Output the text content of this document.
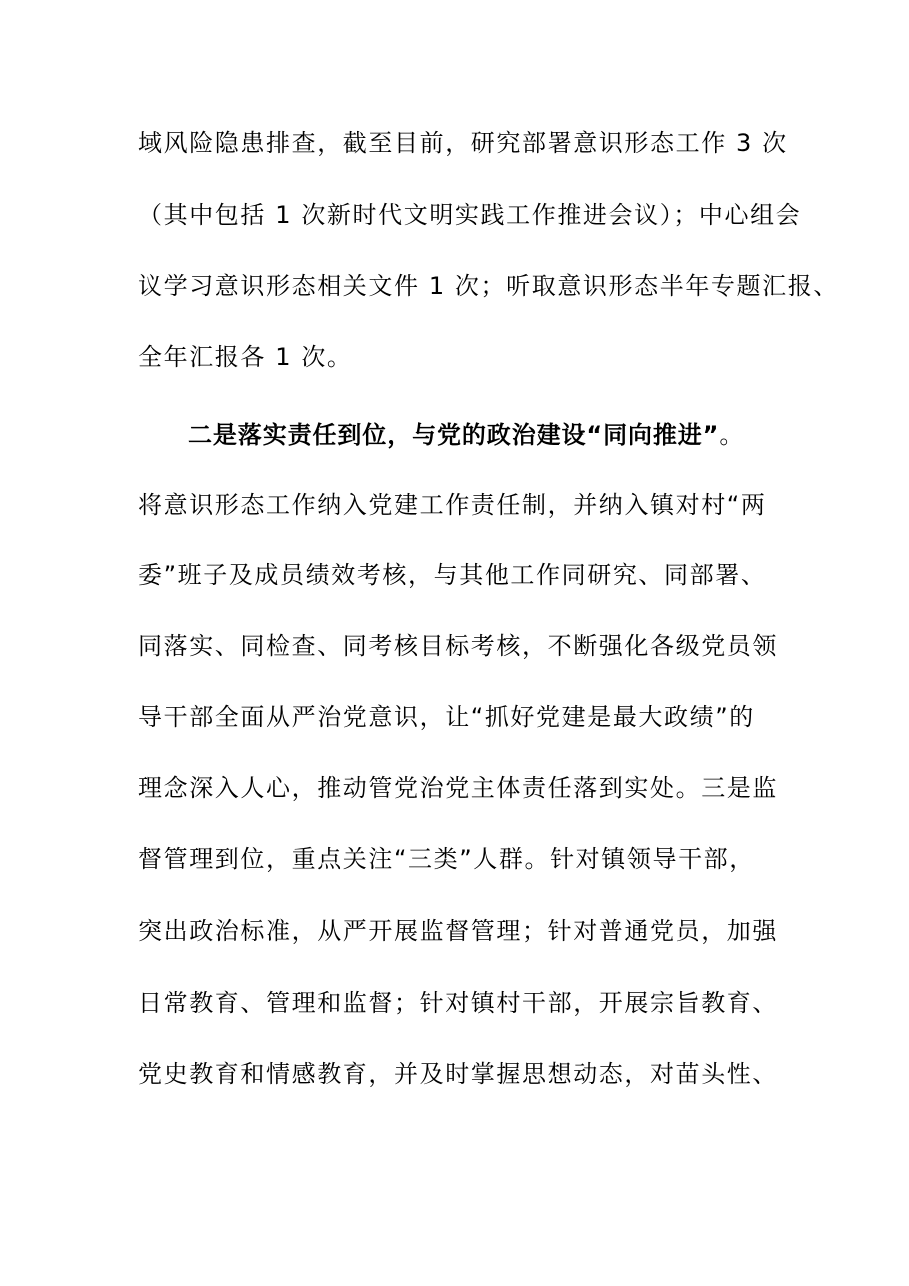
域风险隐患排查，截至目前，研究部署意识形态工作 3 次
（其中包括 1 次新时代文明实践工作推进会议）；中心组会
议学习意识形态相关文件 1 次；听取意识形态半年专题汇报、
全年汇报各 1 次。
二是落实责任到位，与党的政治建设“同向推进”。
将意识形态工作纳入党建工作责任制，并纳入镇对村“两
委”班子及成员绩效考核，与其他工作同研究、同部署、
同落实、同检查、同考核目标考核，不断强化各级党员领
导干部全面从严治党意识，让“抓好党建是最大政绩”的
理念深入人心，推动管党治党主体责任落到实处。三是监
督管理到位，重点关注“三类”人群。针对镇领导干部，
突出政治标准，从严开展监督管理；针对普通党员，加强
日常教育、管理和监督；针对镇村干部，开展宗旨教育、
党史教育和情感教育，并及时掌握思想动态，对苗头性、
